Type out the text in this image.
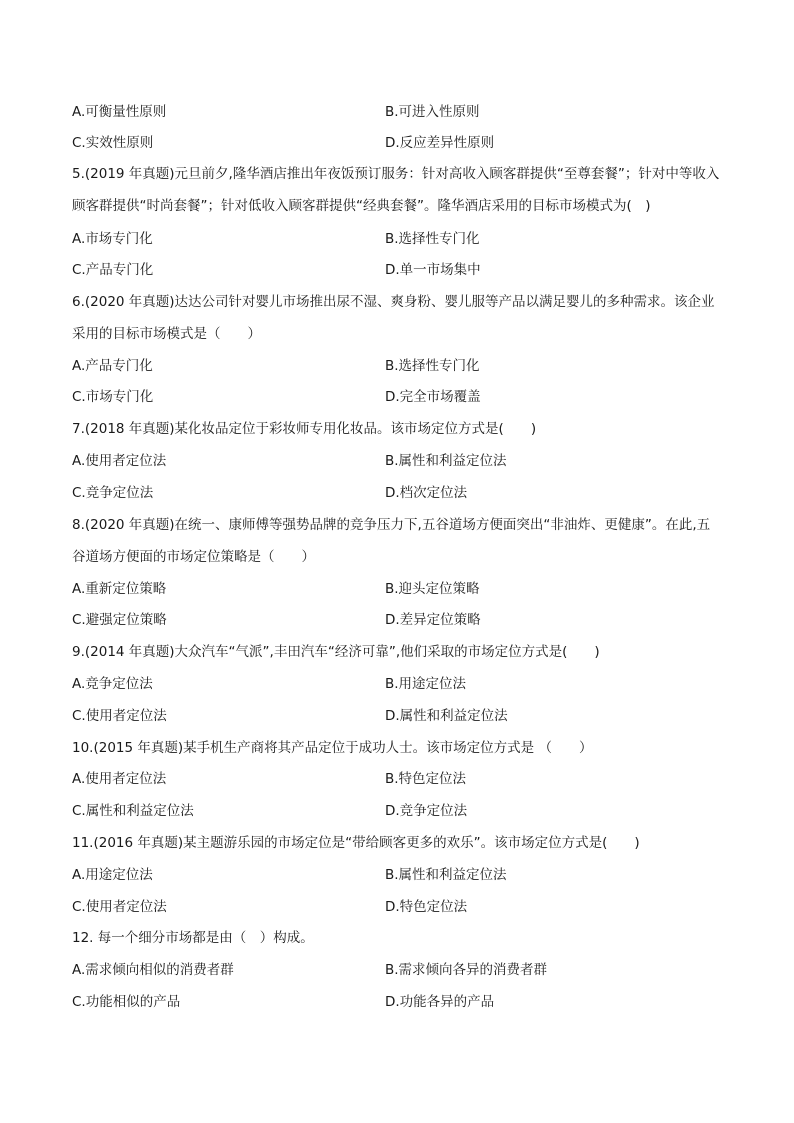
A.可衡量性原则	B.可进入性原则
C.实效性原则	D.反应差异性原则
5.(2019 年真题)元旦前夕,隆华酒店推出年夜饭预订服务：针对高收入顾客群提供“至尊套餐”；针对中等收入
顾客群提供“时尚套餐”；针对低收入顾客群提供“经典套餐”。隆华酒店采用的目标市场模式为(　)
A.市场专门化	B.选择性专门化
C.产品专门化	D.单一市场集中
6.(2020 年真题)达达公司针对婴儿市场推出尿不湿、爽身粉、婴儿服等产品以满足婴儿的多种需求。该企业
采用的目标市场模式是（　　）
A.产品专门化	B.选择性专门化
C.市场专门化	D.完全市场覆盖
7.(2018 年真题)某化妆品定位于彩妆师专用化妆品。该市场定位方式是(　　)
A.使用者定位法	B.属性和利益定位法
C.竞争定位法	D.档次定位法
8.(2020 年真题)在统一、康师傅等强势品牌的竞争压力下,五谷道场方便面突出“非油炸、更健康”。在此,五
谷道场方便面的市场定位策略是（　　）
A.重新定位策略	B.迎头定位策略
C.避强定位策略	D.差异定位策略
9.(2014 年真题)大众汽车“气派”,丰田汽车“经济可靠”,他们采取的市场定位方式是(　　)
A.竞争定位法	B.用途定位法
C.使用者定位法	D.属性和利益定位法
10.(2015 年真题)某手机生产商将其产品定位于成功人士。该市场定位方式是 （　　）
A.使用者定位法	B.特色定位法
C.属性和利益定位法	D.竞争定位法
11.(2016 年真题)某主题游乐园的市场定位是“带给顾客更多的欢乐”。该市场定位方式是(　　)
A.用途定位法	B.属性和利益定位法
C.使用者定位法	D.特色定位法
12. 每一个细分市场都是由（　）构成。
A.需求倾向相似的消费者群	B.需求倾向各异的消费者群
C.功能相似的产品	D.功能各异的产品
